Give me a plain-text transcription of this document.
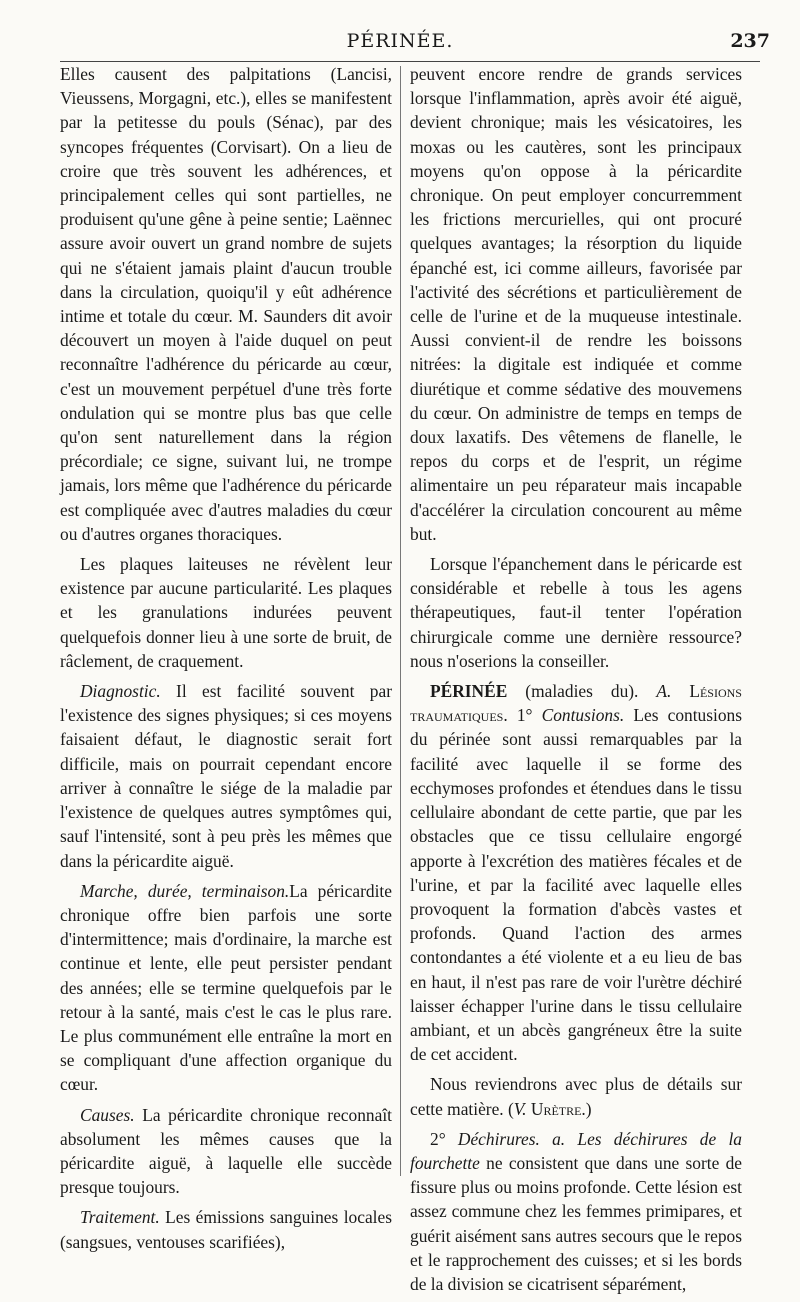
PÉRINÉE.	237

Elles causent des palpitations (Lancisi, Vieussens, Morgagni, etc.), elles se manifestent par la petitesse du pouls (Sénac), par des syncopes fréquentes (Corvisart). On a lieu de croire que très souvent les adhérences, et principalement celles qui sont partielles, ne produisent qu'une gêne à peine sentie; Laënnec assure avoir ouvert un grand nombre de sujets qui ne s'étaient jamais plaint d'aucun trouble dans la circulation, quoiqu'il y eût adhérence intime et totale du cœur. M. Saunders dit avoir découvert un moyen à l'aide duquel on peut reconnaître l'adhérence du péricarde au cœur, c'est un mouvement perpétuel d'une très forte ondulation qui se montre plus bas que celle qu'on sent naturellement dans la région précordiale; ce signe, suivant lui, ne trompe jamais, lors même que l'adhérence du péricarde est compliquée avec d'autres maladies du cœur ou d'autres organes thoraciques.

Les plaques laiteuses ne révèlent leur existence par aucune particularité. Les plaques et les granulations indurées peuvent quelquefois donner lieu à une sorte de bruit, de râclement, de craquement.

Diagnostic. Il est facilité souvent par l'existence des signes physiques; si ces moyens faisaient défaut, le diagnostic serait fort difficile, mais on pourrait cependant encore arriver à connaître le siége de la maladie par l'existence de quelques autres symptômes qui, sauf l'intensité, sont à peu près les mêmes que dans la péricardite aiguë.

Marche, durée, terminaison.La péricardite chronique offre bien parfois une sorte d'intermittence; mais d'ordinaire, la marche est continue et lente, elle peut persister pendant des années; elle se termine quelquefois par le retour à la santé, mais c'est le cas le plus rare. Le plus communément elle entraîne la mort en se compliquant d'une affection organique du cœur.

Causes. La péricardite chronique reconnaît absolument les mêmes causes que la péricardite aiguë, à laquelle elle succède presque toujours.

Traitement. Les émissions sanguines locales (sangsues, ventouses scarifiées),

peuvent encore rendre de grands services lorsque l'inflammation, après avoir été aiguë, devient chronique; mais les vésicatoires, les moxas ou les cautères, sont les principaux moyens qu'on oppose à la péricardite chronique. On peut employer concurremment les frictions mercurielles, qui ont procuré quelques avantages; la résorption du liquide épanché est, ici comme ailleurs, favorisée par l'activité des sécrétions et particulièrement de celle de l'urine et de la muqueuse intestinale. Aussi convient-il de rendre les boissons nitrées: la digitale est indiquée et comme diurétique et comme sédative des mouvemens du cœur. On administre de temps en temps de doux laxatifs. Des vêtemens de flanelle, le repos du corps et de l'esprit, un régime alimentaire un peu réparateur mais incapable d'accélérer la circulation concourent au même but.

Lorsque l'épanchement dans le péricarde est considérable et rebelle à tous les agens thérapeutiques, faut-il tenter l'opération chirurgicale comme une dernière ressource? nous n'oserions la conseiller.

PÉRINÉE (maladies du). A. Lésions traumatiques. 1° Contusions. Les contusions du périnée sont aussi remarquables par la facilité avec laquelle il se forme des ecchymoses profondes et étendues dans le tissu cellulaire abondant de cette partie, que par les obstacles que ce tissu cellulaire engorgé apporte à l'excrétion des matières fécales et de l'urine, et par la facilité avec laquelle elles provoquent la formation d'abcès vastes et profonds. Quand l'action des armes contondantes a été violente et a eu lieu de bas en haut, il n'est pas rare de voir l'urètre déchiré laisser échapper l'urine dans le tissu cellulaire ambiant, et un abcès gangréneux être la suite de cet accident.

Nous reviendrons avec plus de détails sur cette matière. (V. Urètre.)

2° Déchirures. a. Les déchirures de la fourchette ne consistent que dans une sorte de fissure plus ou moins profonde. Cette lésion est assez commune chez les femmes primipares, et guérit aisément sans autres secours que le repos et le rapprochement des cuisses; et si les bords de la division se cicatrisent séparément,
